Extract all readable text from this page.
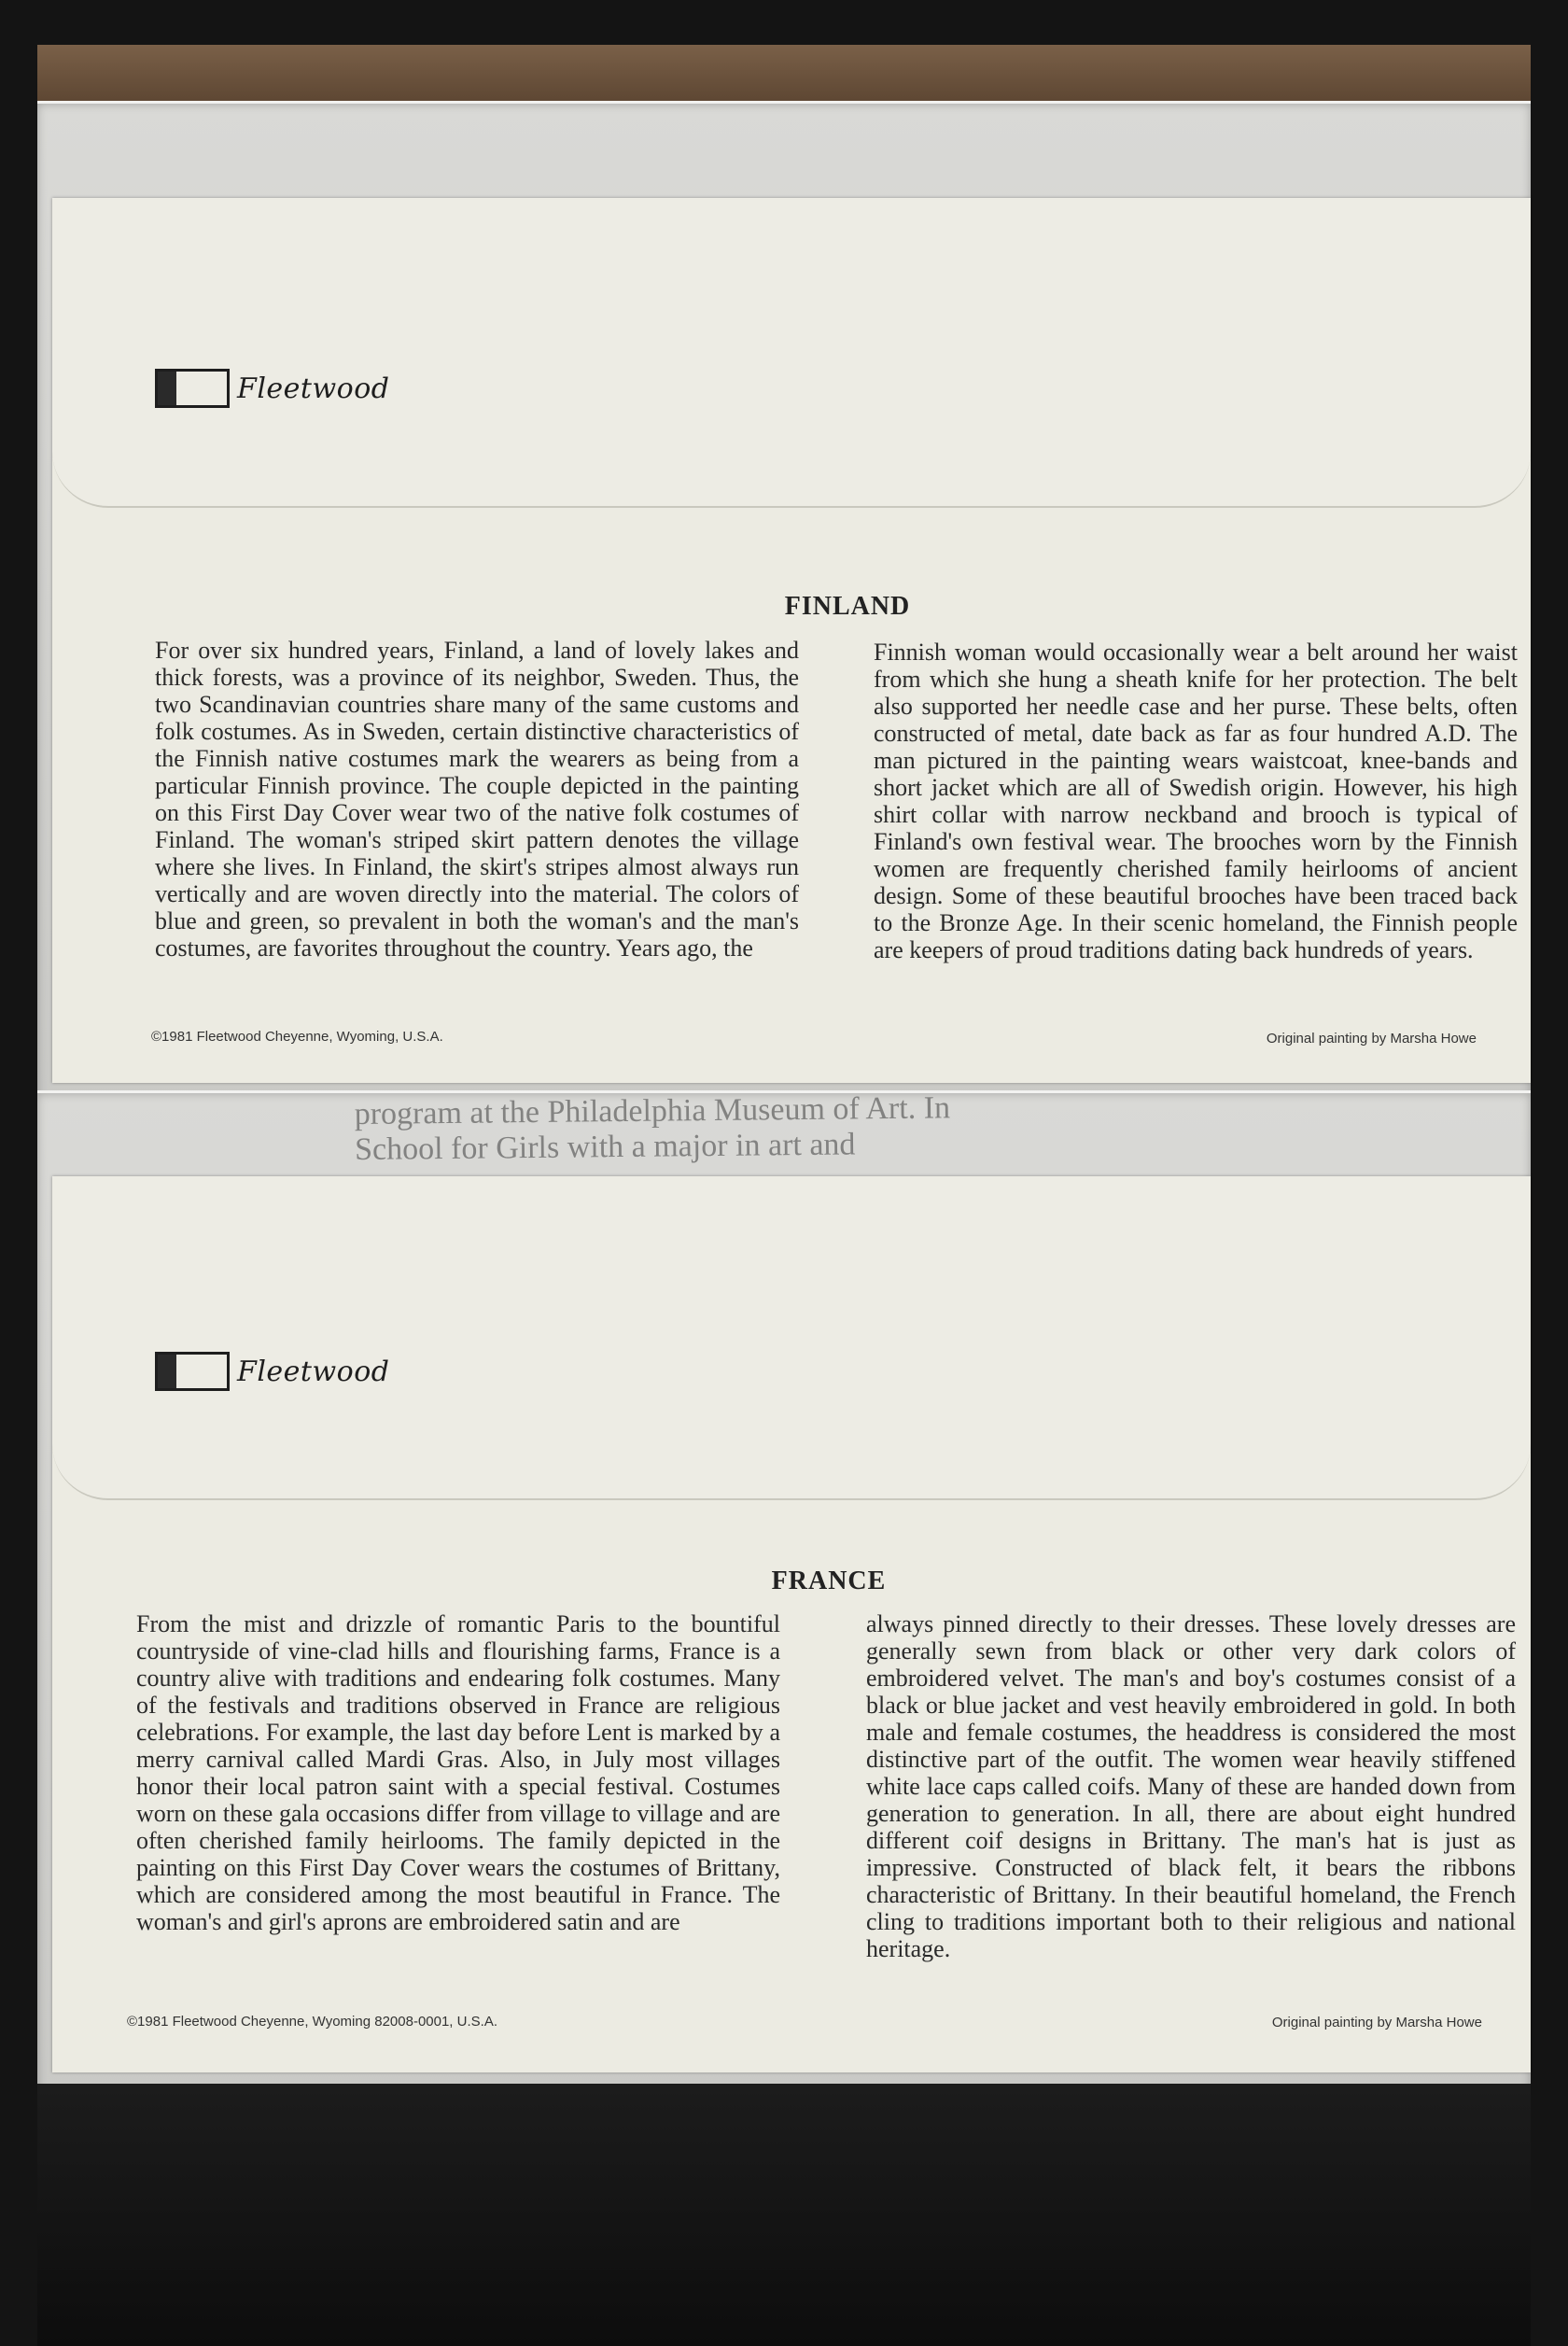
Fleetwood
FINLAND

For over six hundred years, Finland, a land of lovely lakes and thick forests, was a province of its neighbor, Sweden. Thus, the two Scandinavian countries share many of the same customs and folk costumes. As in Sweden, certain distinctive characteristics of the Finnish native costumes mark the wearers as being from a particular Finnish province. The couple depicted in the painting on this First Day Cover wear two of the native folk costumes of Finland. The woman's striped skirt pattern denotes the village where she lives. In Finland, the skirt's stripes almost always run vertically and are woven directly into the material. The colors of blue and green, so prevalent in both the woman's and the man's costumes, are favorites throughout the country. Years ago, the

Finnish woman would occasionally wear a belt around her waist from which she hung a sheath knife for her protection. The belt also supported her needle case and her purse. These belts, often constructed of metal, date back as far as four hundred A.D. The man pictured in the painting wears waistcoat, knee-bands and short jacket which are all of Swedish origin. However, his high shirt collar with narrow neckband and brooch is typical of Finland's own festival wear. The brooches worn by the Finnish women are frequently cherished family heirlooms of ancient design. Some of these beautiful brooches have been traced back to the Bronze Age. In their scenic homeland, the Finnish people are keepers of proud traditions dating back hundreds of years.

©1981 Fleetwood Cheyenne, Wyoming, U.S.A.	Original painting by Marsha Howe
program at the Philadelphia Museum of Art. In
School for Girls with a major in art and
Fleetwood
FRANCE

From the mist and drizzle of romantic Paris to the bountiful countryside of vine-clad hills and flourishing farms, France is a country alive with traditions and endearing folk costumes. Many of the festivals and traditions observed in France are religious celebrations. For example, the last day before Lent is marked by a merry carnival called Mardi Gras. Also, in July most villages honor their local patron saint with a special festival. Costumes worn on these gala occasions differ from village to village and are often cherished family heirlooms. The family depicted in the painting on this First Day Cover wears the costumes of Brittany, which are considered among the most beautiful in France. The woman's and girl's aprons are embroidered satin and are

always pinned directly to their dresses. These lovely dresses are generally sewn from black or other very dark colors of embroidered velvet. The man's and boy's costumes consist of a black or blue jacket and vest heavily embroidered in gold. In both male and female costumes, the headdress is considered the most distinctive part of the outfit. The women wear heavily stiffened white lace caps called coifs. Many of these are handed down from generation to generation. In all, there are about eight hundred different coif designs in Brittany. The man's hat is just as impressive. Constructed of black felt, it bears the ribbons characteristic of Brittany. In their beautiful homeland, the French cling to traditions important both to their religious and national heritage.

©1981 Fleetwood Cheyenne, Wyoming 82008-0001, U.S.A.	Original painting by Marsha Howe
